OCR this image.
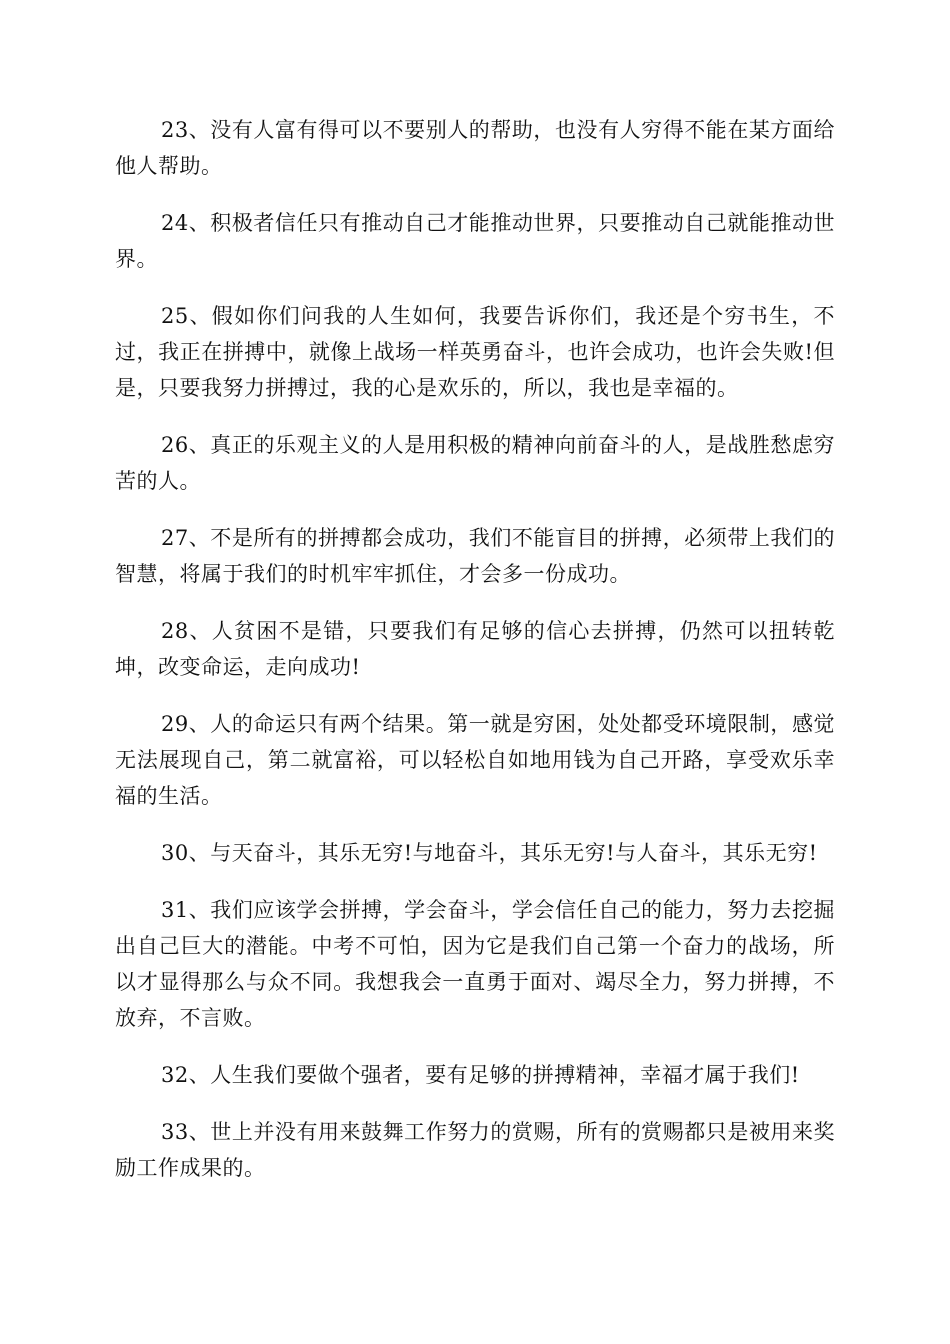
23、没有人富有得可以不要别人的帮助，也没有人穷得不能在某方面给他人帮助。

24、积极者信任只有推动自己才能推动世界，只要推动自己就能推动世界。

25、假如你们问我的人生如何，我要告诉你们，我还是个穷书生，不过，我正在拼搏中，就像上战场一样英勇奋斗，也许会成功，也许会失败!但是，只要我努力拼搏过，我的心是欢乐的，所以，我也是幸福的。

26、真正的乐观主义的人是用积极的精神向前奋斗的人，是战胜愁虑穷苦的人。

27、不是所有的拼搏都会成功，我们不能盲目的拼搏，必须带上我们的智慧，将属于我们的时机牢牢抓住，才会多一份成功。

28、人贫困不是错，只要我们有足够的信心去拼搏，仍然可以扭转乾坤，改变命运，走向成功!

29、人的命运只有两个结果。第一就是穷困，处处都受环境限制，感觉无法展现自己，第二就富裕，可以轻松自如地用钱为自己开路，享受欢乐幸福的生活。

30、与天奋斗，其乐无穷!与地奋斗，其乐无穷!与人奋斗，其乐无穷!

31、我们应该学会拼搏，学会奋斗，学会信任自己的能力，努力去挖掘出自己巨大的潜能。中考不可怕，因为它是我们自己第一个奋力的战场，所以才显得那么与众不同。我想我会一直勇于面对、竭尽全力，努力拼搏，不放弃，不言败。

32、人生我们要做个强者，要有足够的拼搏精神，幸福才属于我们!

33、世上并没有用来鼓舞工作努力的赏赐，所有的赏赐都只是被用来奖励工作成果的。
